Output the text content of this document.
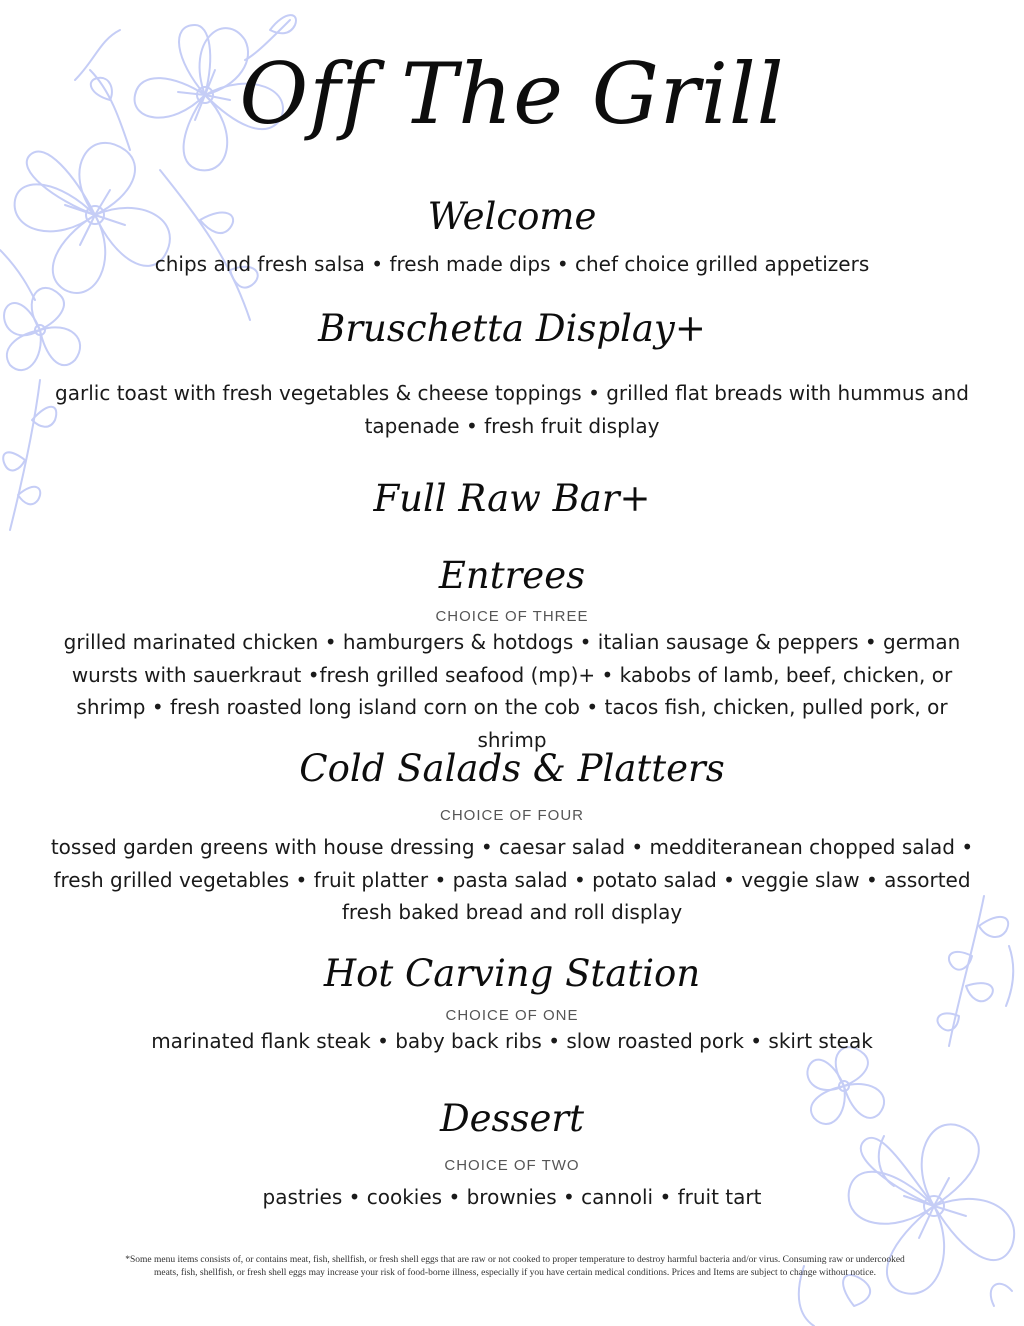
Off The Grill
Welcome
chips and fresh salsa • fresh made dips • chef choice grilled appetizers
Bruschetta Display+
garlic toast with fresh vegetables & cheese toppings • grilled flat breads with hummus and tapenade • fresh fruit display
Full Raw Bar+
Entrees
CHOICE OF THREE
grilled marinated chicken • hamburgers & hotdogs • italian sausage & peppers • german wursts with sauerkraut •fresh grilled seafood (mp)+ • kabobs of lamb, beef, chicken, or shrimp • fresh roasted long island corn on the cob • tacos fish, chicken, pulled pork, or shrimp
Cold Salads & Platters
CHOICE OF FOUR
tossed garden greens with house dressing • caesar salad • medditeranean chopped salad • fresh grilled vegetables • fruit platter • pasta salad • potato salad • veggie slaw • assorted fresh baked bread and roll display
Hot Carving Station
CHOICE OF ONE
marinated flank steak • baby back ribs • slow roasted pork • skirt steak
Dessert
CHOICE OF TWO
pastries • cookies • brownies • cannoli • fruit tart
*Some menu items consists of, or contains meat, fish, shellfish, or fresh shell eggs that are raw or not cooked to proper temperature to destroy harmful bacteria and/or virus. Consuming raw or undercooked meats, fish, shellfish, or fresh shell eggs may increase your risk of food-borne illness, especially if you have certain medical conditions. Prices and Items are subject to change without notice.
